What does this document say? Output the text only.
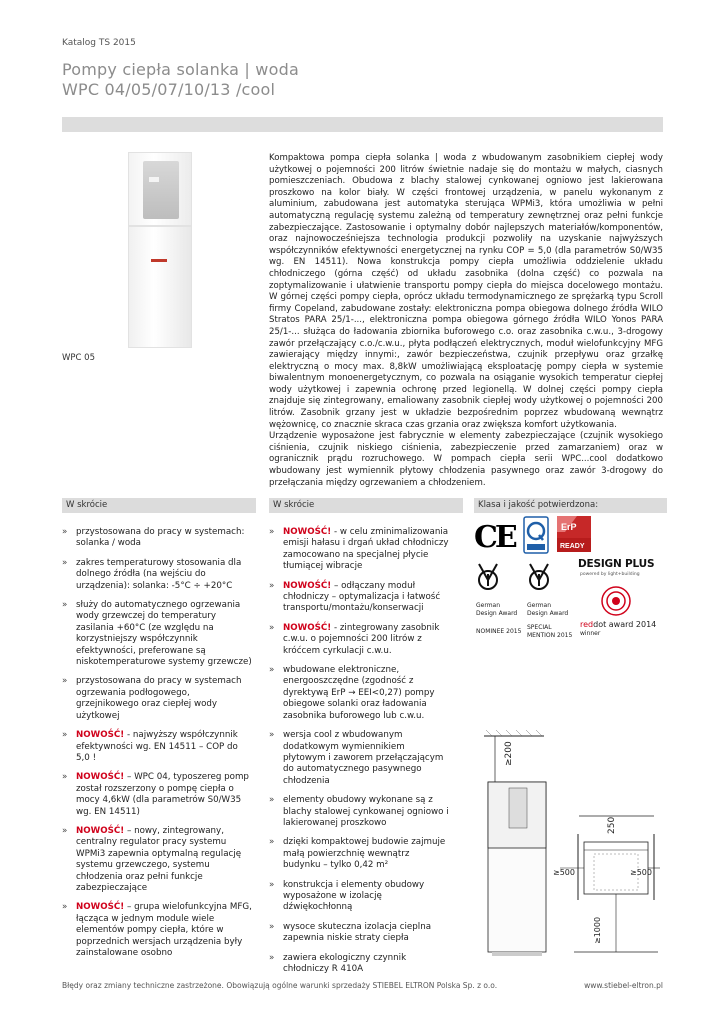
Katalog TS 2015
Pompy ciepła solanka | woda
WPC 04/05/07/10/13 /cool
WPC 05

Kompaktowa pompa ciepła solanka | woda z wbudowanym zasobnikiem ciepłej wody użytkowej o pojemności 200 litrów świetnie nadaje się do montażu w małych, ciasnych pomieszczeniach. Obudowa z blachy stalowej cynkowanej ogniowo jest lakierowana proszkowo na kolor biały. W części frontowej urządzenia, w panelu wykonanym z aluminium, zabudowana jest automatyka sterująca WPMi3, która umożliwia w pełni automatyczną regulację systemu zależną od temperatury zewnętrznej oraz pełni funkcje zabezpieczające. Zastosowanie i optymalny dobór najlepszych materiałów/komponentów, oraz najnowocześniejsza technologia produkcji pozwoliły na uzyskanie najwyższych współczynników efektywności energetycznej na rynku COP = 5,0 (dla parametrów S0/W35 wg. EN 14511). Nowa konstrukcja pompy ciepła umożliwia oddzielenie układu chłodniczego (górna część) od układu zasobnika (dolna część) co pozwala na zoptymalizowanie i ułatwienie transportu pompy ciepła do miejsca docelowego montażu. W górnej części pompy ciepła, oprócz układu termodynamicznego ze sprężarką typu Scroll firmy Copeland, zabudowane zostały: elektroniczna pompa obiegowa dolnego źródła WILO Stratos PARA 25/1-..., elektroniczna pompa obiegowa górnego źródła WILO Yonos PARA 25/1-... służąca do ładowania zbiornika buforowego c.o. oraz zasobnika c.w.u., 3-drogowy zawór przełączający c.o./c.w.u., płyta podłączeń elektrycznych, moduł wielofunkcyjny MFG zawierający między innymi:, zawór bezpieczeństwa, czujnik przepływu oraz grzałkę elektryczną o mocy max. 8,8kW umożliwiającą eksploatację pompy ciepła w systemie biwalentnym monoenergetycznym, co pozwala na osiąganie wysokich temperatur ciepłej wody użytkowej i zapewnia ochronę przed legionellą. W dolnej części pompy ciepła znajduje się zintegrowany, emaliowany zasobnik ciepłej wody użytkowej o pojemności 200 litrów. Zasobnik grzany jest w układzie bezpośrednim poprzez wbudowaną wewnątrz wężownicę, co znacznie skraca czas grzania oraz zwiększa komfort użytkowania.

Urządzenie wyposażone jest fabrycznie w elementy zabezpieczające (czujnik wysokiego ciśnienia, czujnik niskiego ciśnienia, zabezpieczenie przed zamarzaniem) oraz w ogranicznik prądu rozruchowego. W pompach ciepła serii WPC...cool dodatkowo wbudowany jest wymiennik płytowy chłodzenia pasywnego oraz zawór 3-drogowy do przełączania między ogrzewaniem a chłodzeniem.

W skrócie	W skrócie	Klasa i jakość potwierdzona:
» przystosowana do pracy w systemach: solanka / woda
» zakres temperaturowy stosowania dla dolnego źródła (na wejściu do urządzenia): solanka: -5°C ÷ +20°C
» służy do automatycznego ogrzewania wody grzewczej do temperatury zasilania +60°C (ze względu na korzystniejszy współczynnik efektywności, preferowane są niskotemperaturowe systemy grzewcze)
» przystosowana do pracy w systemach ogrzewania podłogowego, grzejnikowego oraz ciepłej wody użytkowej
» NOWOŚĆ! - najwyższy współczynnik efektywności wg. EN 14511 – COP do 5,0 !
» NOWOŚĆ! – WPC 04, typoszereg pomp został rozszerzony o pompę ciepła o mocy 4,6kW (dla parametrów S0/W35 wg. EN 14511)
» NOWOŚĆ! – nowy, zintegrowany, centralny regulator pracy systemu WPMi3 zapewnia optymalną regulację systemu grzewczego, systemu chłodzenia oraz pełni funkcje zabezpieczające
» NOWOŚĆ! – grupa wielofunkcyjna MFG, łącząca w jednym module wiele elementów pompy ciepła, które w poprzednich wersjach urządzenia były zainstalowane osobno
» NOWOŚĆ! - w celu zminimalizowania emisji hałasu i drgań układ chłodniczy zamocowano na specjalnej płycie tłumiącej wibracje
» NOWOŚĆ! – odłączany moduł chłodniczy – optymalizacja i łatwość transportu/montażu/konserwacji
» NOWOŚĆ! - zintegrowany zasobnik c.w.u. o pojemności 200 litrów z króćcem cyrkulacji c.w.u.
» wbudowane elektroniczne, energooszczędne (zgodność z dyrektywą ErP → EEI<0,27) pompy obiegowe solanki oraz ładowania zasobnika buforowego lub c.w.u.
» wersja cool z wbudowanym dodatkowym wymiennikiem płytowym i zaworem przełączającym do automatycznego pasywnego chłodzenia
» elementy obudowy wykonane są z blachy stalowej cynkowanej ogniowo i lakierowanej proszkowo
» dzięki kompaktowej budowie zajmuje małą powierzchnię wewnątrz budynku – tylko 0,42 m²
» konstrukcja i elementy obudowy wyposażone w izolację dźwiękochłonną
» wysoce skuteczna izolacja cieplna zapewnia niskie straty ciepła
» zawiera ekologiczny czynnik chłodniczy R 410A
CE	ErP
READY
German
Design Award
German
Design Award
NOMINEE 2015
SPECIAL
MENTION 2015
DESIGN PLUS
powered by light+building
reddot award 2014
winner
≥200
250
≥500	≥500
≥1000
Błędy oraz zmiany techniczne zastrzeżone. Obowiązują ogólne warunki sprzedaży STIEBEL ELTRON Polska Sp. z o.o.	www.stiebel-eltron.pl
